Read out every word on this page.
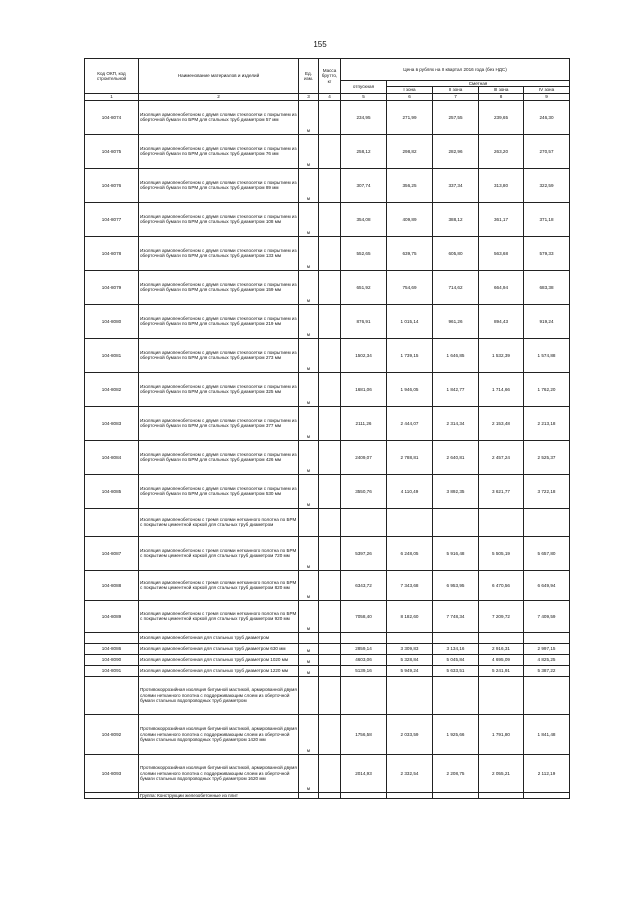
155
Код ОКП, код строительной	Наименование материалов и изделий	Ед. изм.	Масса брутто, кг	Цена в рублях на II квартал 2016 года (без НДС)				
				отпускная	Сметная			
					I зона	II зона	III зона	IV зона
1	2	3	4	5	6	7	8	9
104-8074	Изоляция армопенобетоном с двумя слоями стеклосетки с покрытием из оберточной бумаги по БРМ для стальных труб диаметром 57 мм	м		234,95	271,99	257,55	239,65	246,30
104-8075	Изоляция армопенобетоном с двумя слоями стеклосетки с покрытием из оберточной бумаги по БРМ для стальных труб диаметром 76 мм	м		258,12	298,82	282,96	263,20	270,57
104-8076	Изоляция армопенобетоном с двумя слоями стеклосетки с покрытием из оберточной бумаги по БРМ для стальных труб диаметром 89 мм	м		307,74	356,25	337,34	313,80	322,59
104-8077	Изоляция армопенобетоном с двумя слоями стеклосетки с покрытием из оберточной бумаги по БРМ для стальных труб диаметром 108 мм	м		354,08	409,89	388,12	361,17	371,18
104-8078	Изоляция армопенобетоном с двумя слоями стеклосетки с покрытием из оберточной бумаги по БРМ для стальных труб диаметром 133 мм	м		552,65	639,75	605,80	563,68	579,33
104-8079	Изоляция армопенобетоном с двумя слоями стеклосетки с покрытием из оберточной бумаги по БРМ для стальных труб диаметром 159 мм	м		651,92	754,69	714,62	664,94	683,38
104-8080	Изоляция армопенобетоном с двумя слоями стеклосетки с покрытием из оберточной бумаги по БРМ для стальных труб диаметром 219 мм	м		876,91	1 015,14	961,26	894,43	919,24
104-8081	Изоляция армопенобетоном с двумя слоями стеклосетки с покрытием из оберточной бумаги по БРМ для стальных труб диаметром 273 мм	м		1502,34	1 739,15	1 646,85	1 532,39	1 574,88
104-8082	Изоляция армопенобетоном с двумя слоями стеклосетки с покрытием из оберточной бумаги по БРМ для стальных труб диаметром 325 мм	м		1681,06	1 946,05	1 842,77	1 714,66	1 762,20
104-8083	Изоляция армопенобетоном с двумя слоями стеклосетки с покрытием из оберточной бумаги по БРМ для стальных труб диаметром 377 мм	м		2111,26	2 444,07	2 314,34	2 153,48	2 213,18
104-8084	Изоляция армопенобетоном с двумя слоями стеклосетки с покрытием из оберточной бумаги по БРМ для стальных труб диаметром 426 мм	м		2409,07	2 788,81	2 640,81	2 457,24	2 525,37
104-8085	Изоляция армопенобетоном с двумя слоями стеклосетки с покрытием из оберточной бумаги по БРМ для стальных труб диаметром 530 мм	м		3550,76	4 110,49	3 892,35	3 621,77	3 722,18
	Изоляция армопенобетоном с тремя слоями нетканного полотна по БРМ с покрытием цементной коркой для стальных труб диаметром							
104-8087	Изоляция армопенобетоном с тремя слоями нетканного полотна по БРМ с покрытием цементной коркой для стальных труб диаметром 720 мм	м		5397,26	6 248,05	5 916,48	5 505,19	5 657,80
104-8088	Изоляция армопенобетоном с тремя слоями нетканного полотна по БРМ с покрытием цементной коркой для стальных труб диаметром 820 мм	м		6343,72	7 343,68	6 953,95	6 470,56	6 649,94
104-8089	Изоляция армопенобетоном с тремя слоями нетканного полотна по БРМ с покрытием цементной коркой для стальных труб диаметром 920 мм	м		7058,40	8 182,60	7 748,34	7 209,72	7 409,59
	Изоляция армопенобетонная для стальных труб диаметром							
104-8086	Изоляция армопенобетонная для стальных труб диаметром 630 мм	м		2859,14	3 309,83	3 134,16	2 916,31	2 997,15
104-8090	Изоляция армопенобетонная для стальных труб диаметром 1020 мм	м		4603,06	5 328,84	5 045,84	4 695,09	4 825,25
104-8091	Изоляция армопенобетонная для стальных труб диаметром 1220 мм	м		5139,16	5 949,24	5 633,51	5 241,91	5 387,22
	Противокоррозийная изоляция битумной мастикой, армированной двумя слоями нетканного полотна с поддерживающим слоем из оберточной бумаги стальных водопроводных труб диаметром							
104-8092	Противокоррозийная изоляция битумной мастикой, армированной двумя слоями нетканного полотна с поддерживающим слоем из оберточной бумаги стальных водопроводных труб диаметром 1420 мм	м		1756,58	2 033,59	1 925,66	1 791,80	1 841,48
104-8093	Противокоррозийная изоляция битумной мастикой, армированной двумя слоями нетканного полотна с поддерживающим слоем из оберточной бумаги стальных водопроводных труб диаметром 1620 мм	м		2014,93	2 332,54	2 208,75	2 055,21	2 112,19
	Группа: Конструкции железобетонные из плит							
